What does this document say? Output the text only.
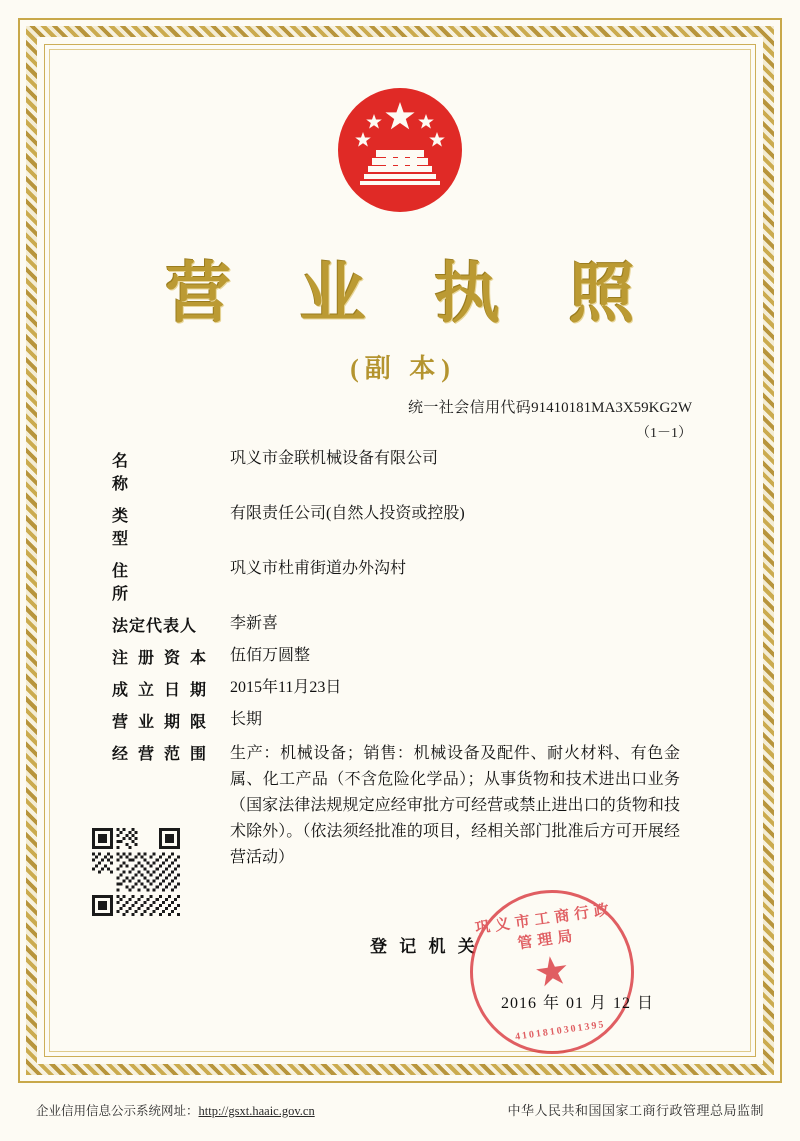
营 业 执 照
(副 本)
统一社会信用代码91410181MA3X59KG2W
（1－1）
名称
巩义市金联机械设备有限公司
类型
有限责任公司(自然人投资或控股)
住所
巩义市杜甫街道办外沟村
法定代表人 李新喜
注册资本 伍佰万圆整
成立日期 2015年11月23日
营业期限 长期
经营范围 生产：机械设备；销售：机械设备及配件、耐火材料、有色金属、化工产品（不含危险化学品）；从事货物和技术进出口业务（国家法律法规规定应经审批方可经营或禁止进出口的货物和技术除外）。（依法须经批准的项目，经相关部门批准后方可开展经营活动）
登 记 机 关
巩义市工商行政管理局
★
4101810301395
2016 年 01 月 12 日
企业信用信息公示系统网址：http://gsxt.haaic.gov.cn	中华人民共和国国家工商行政管理总局监制
